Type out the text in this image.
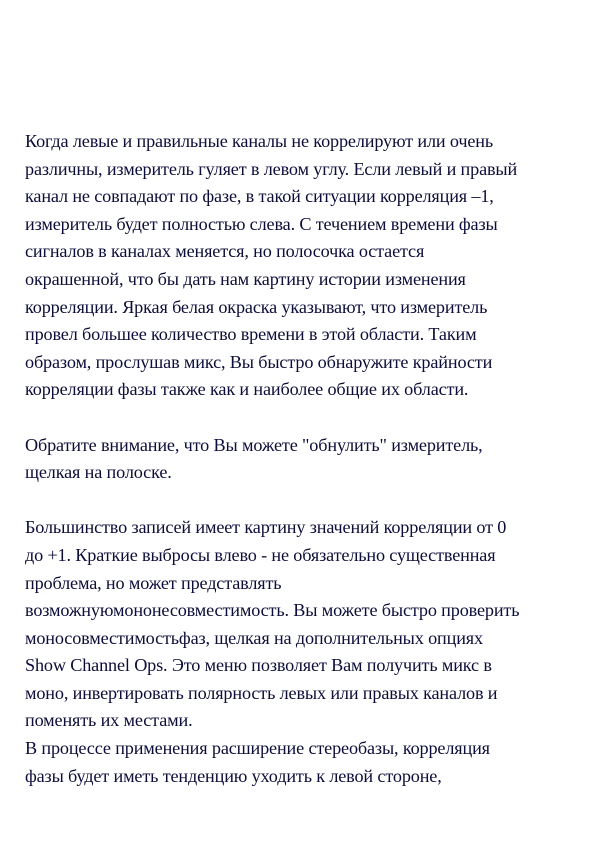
Когда левые и правильные каналы не коррелируют или очень
различны, измеритель гуляет в левом углу. Если левый и правый
канал не совпадают по фазе, в такой ситуации корреляция –1,
измеритель будет полностью слева. С течением времени фазы
сигналов в каналах меняется, но полосочка остается
окрашенной, что бы дать нам картину истории изменения
корреляции. Яркая белая окраска указывают, что измеритель
провел большее количество времени в этой области. Таким
образом, прослушав микс, Вы быстро обнаружите крайности
корреляции фазы также как и наиболее общие их области.
Обратите внимание, что Вы можете "обнулить" измеритель,
щелкая на полоске.
Большинство записей имеет картину значений корреляции от 0
до +1. Краткие выбросы влево - не обязательно существенная
проблема, но может представлять
возможнуюмононесовместимость. Вы можете быстро проверить
моносовместимостьфаз, щелкая на дополнительных опциях
Show Channel Ops. Это меню позволяет Вам получить микс в
моно, инвертировать полярность левых или правых каналов и
поменять их местами.
В процессе применения расширение стереобазы, корреляция
фазы будет иметь тенденцию уходить к левой стороне,
